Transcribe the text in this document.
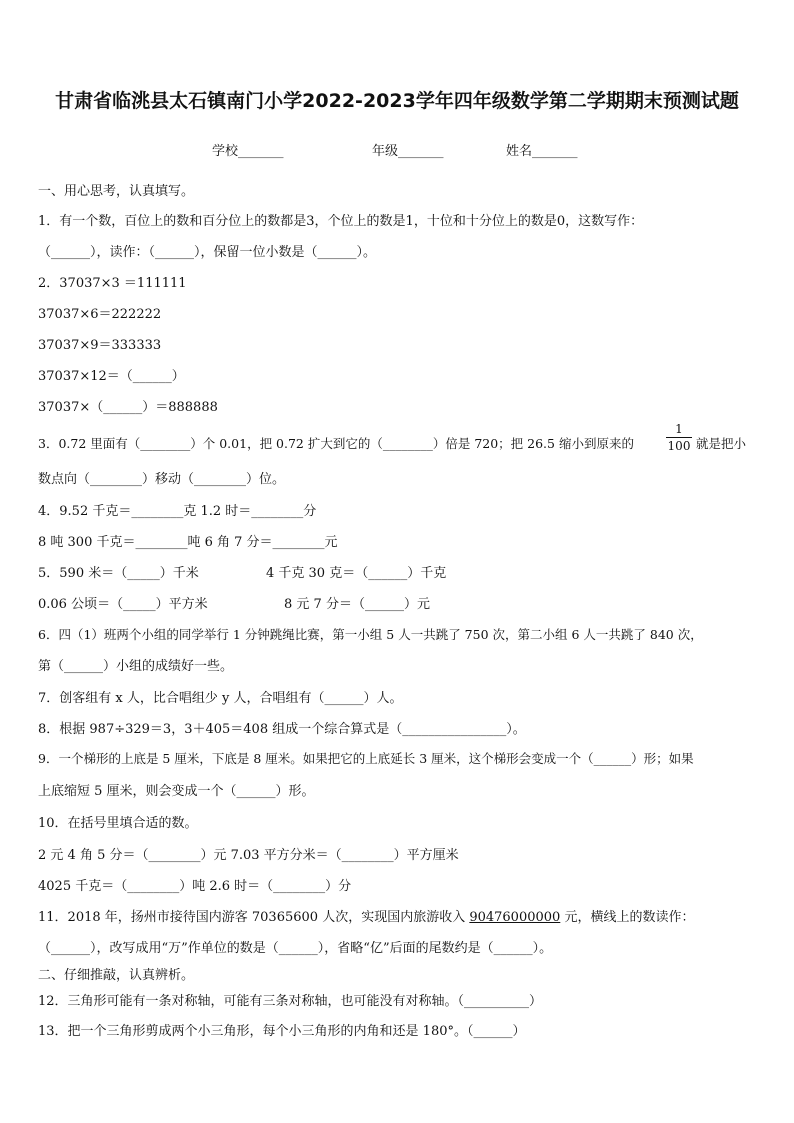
甘肃省临洮县太石镇南门小学2022-2023学年四年级数学第二学期期末预测试题
学校_______	年级_______	姓名_______
一、用心思考，认真填写。
1．有一个数，百位上的数和百分位上的数都是3，个位上的数是1，十位和十分位上的数是0，这数写作：
（______），读作：（______），保留一位小数是（______）。
2．37037×3 ＝111111
37037×6＝222222
37037×9＝333333
37037×12＝（______）
37037×（______）＝888888
3．0.72 里面有（________）个 0.01，把 0.72 扩大到它的（________）倍是 720；把 26.5 缩小到原来的	$\frac{1}{100}$ 就是把小
数点向（________）移动（________）位。
4．9.52 千克＝________克 1.2 时＝________分
8 吨 300 千克＝________吨 6 角 7 分＝________元
5．590 米＝（_____）千米	4 千克 30 克＝（______）千克
0.06 公顷＝（_____）平方米	8 元 7 分＝（______）元
6．四（1）班两个小组的同学举行 1 分钟跳绳比赛，第一小组 5 人一共跳了 750 次，第二小组 6 人一共跳了 840 次，
第（______）小组的成绩好一些。
7．创客组有 x 人，比合唱组少 y 人，合唱组有（______）人。
8．根据 987÷329＝3，3＋405＝408 组成一个综合算式是（________________）。
9．一个梯形的上底是 5 厘米，下底是 8 厘米。如果把它的上底延长 3 厘米，这个梯形会变成一个（______）形；如果
上底缩短 5 厘米，则会变成一个（______）形。
10．在括号里填合适的数。
2 元 4 角 5 分＝（________）元 7.03 平方分米＝（________）平方厘米
4025 千克＝（________）吨 2.6 时＝（________）分
11．2018 年，扬州市接待国内游客 70365600 人次，实现国内旅游收入 90476000000 元，横线上的数读作：
（______），改写成用“万”作单位的数是（______），省略“亿”后面的尾数约是（______）。
二、仔细推敲，认真辨析。
12．三角形可能有一条对称轴，可能有三条对称轴，也可能没有对称轴。（__________）
13．把一个三角形剪成两个小三角形，每个小三角形的内角和还是 180°。（______）
